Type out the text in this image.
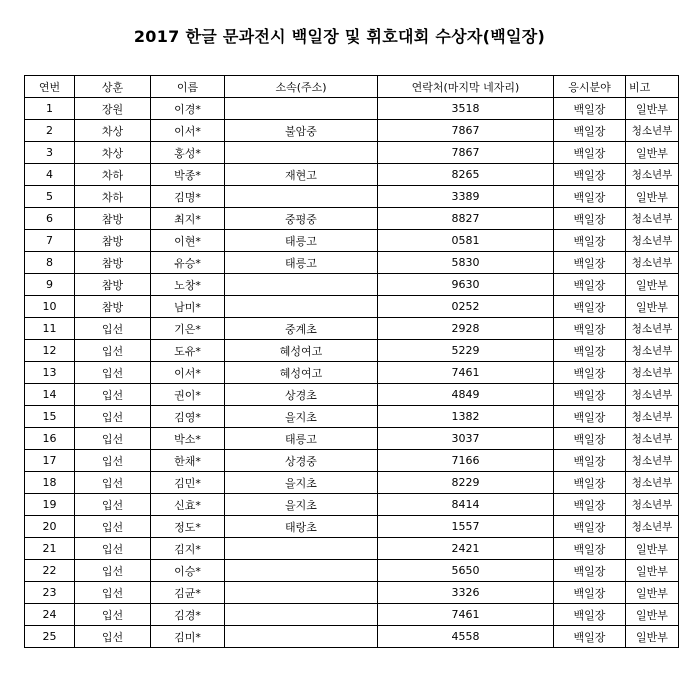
2017 한글 문과전시 백일장 및 휘호대회 수상자(백일장)
연번	상훈	이름	소속(주소)	연락처(마지막 네자리)	응시분야	비고
1	장원	이경*		3518	백일장	일반부
2	차상	이서*	불암중	7867	백일장	청소년부
3	차상	홍성*		7867	백일장	일반부
4	차하	박종*	재현고	8265	백일장	청소년부
5	차하	김명*		3389	백일장	일반부
6	참방	최지*	중평중	8827	백일장	청소년부
7	참방	이현*	태릉고	0581	백일장	청소년부
8	참방	유승*	태릉고	5830	백일장	청소년부
9	참방	노창*		9630	백일장	일반부
10	참방	남미*		0252	백일장	일반부
11	입선	기은*	중계초	2928	백일장	청소년부
12	입선	도유*	혜성여고	5229	백일장	청소년부
13	입선	이서*	혜성여고	7461	백일장	청소년부
14	입선	권이*	상경초	4849	백일장	청소년부
15	입선	김영*	을지초	1382	백일장	청소년부
16	입선	박소*	태릉고	3037	백일장	청소년부
17	입선	한채*	상경중	7166	백일장	청소년부
18	입선	김민*	을지초	8229	백일장	청소년부
19	입선	신효*	을지초	8414	백일장	청소년부
20	입선	정도*	태랑초	1557	백일장	청소년부
21	입선	김지*		2421	백일장	일반부
22	입선	이승*		5650	백일장	일반부
23	입선	김균*		3326	백일장	일반부
24	입선	김경*		7461	백일장	일반부
25	입선	김미*		4558	백일장	일반부
